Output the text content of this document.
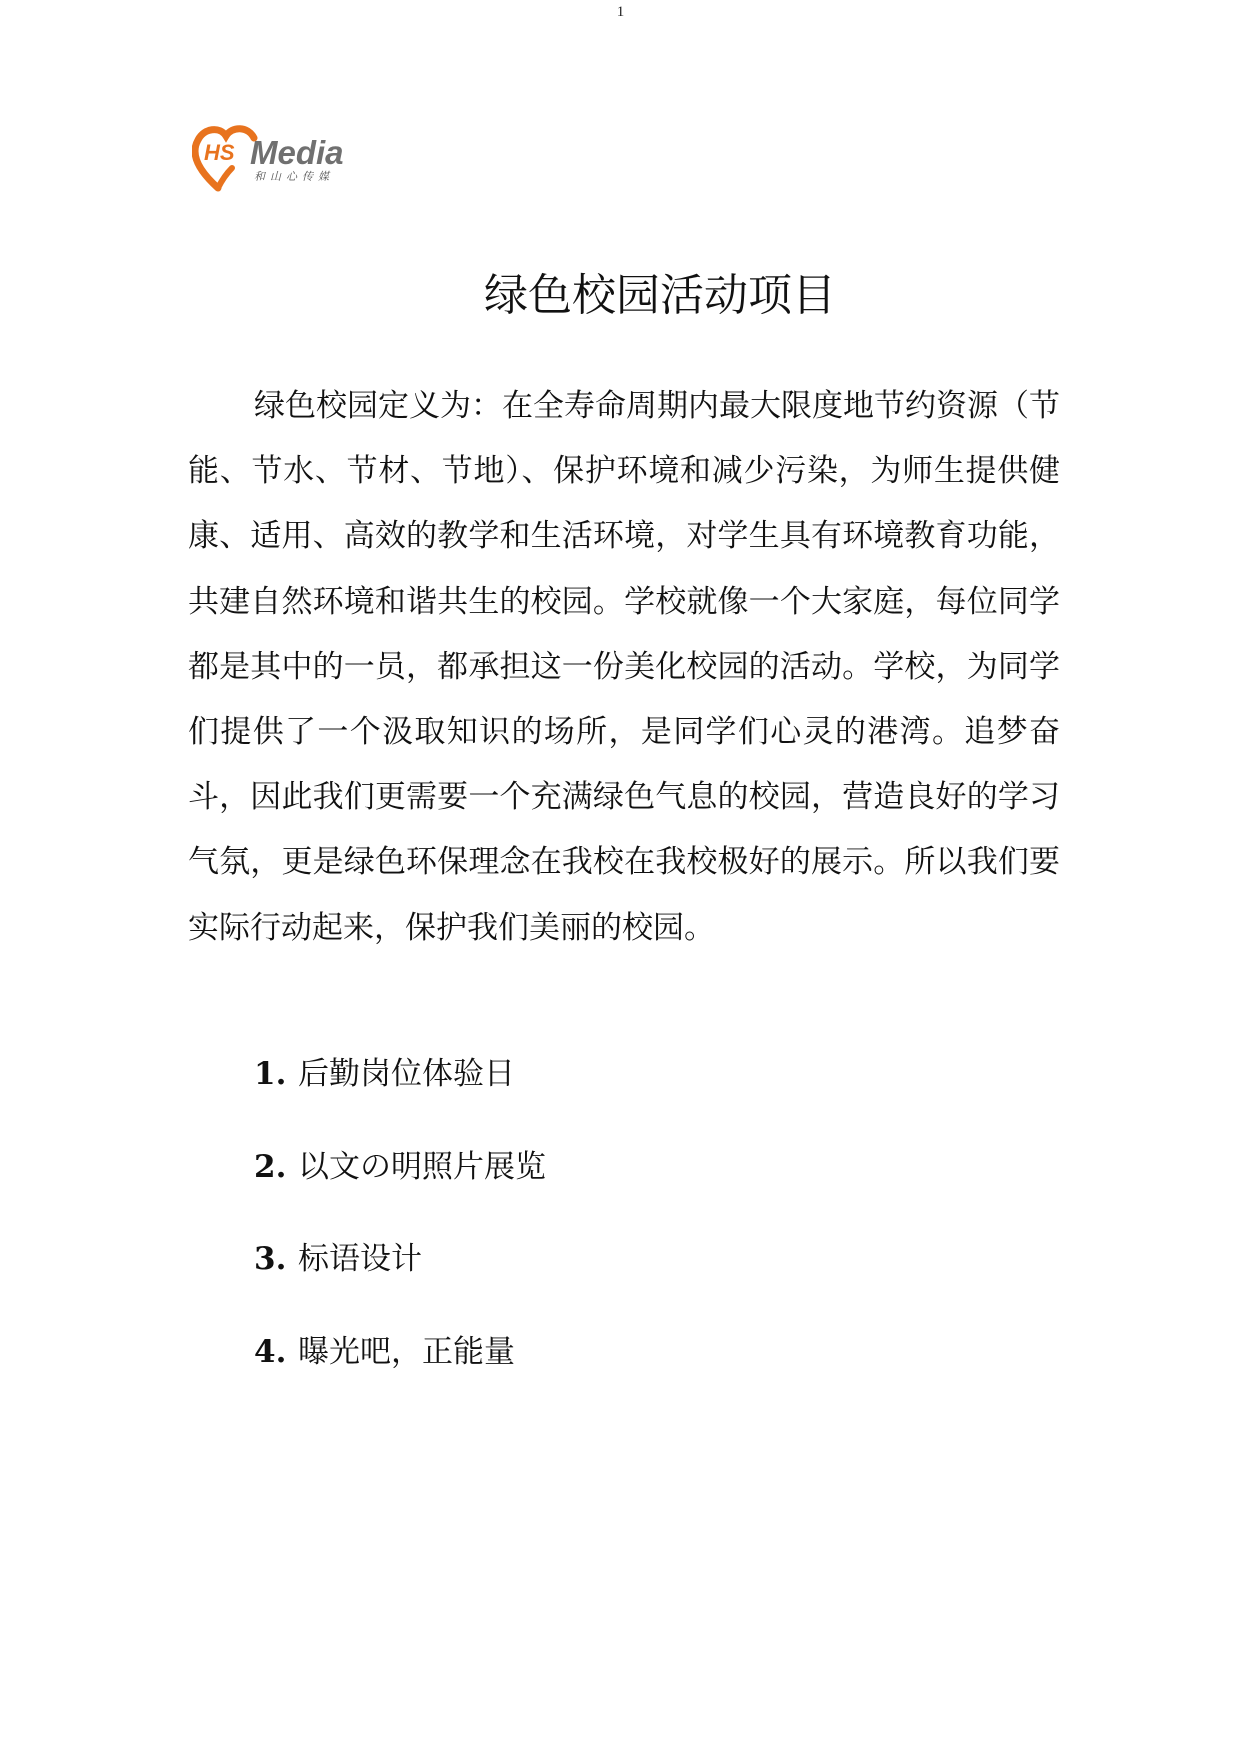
1
HS Media
和山心传媒
绿色校园活动项目

绿色校园定义为：在全寿命周期内最大限度地节约资源（节能、节水、节材、节地）、保护环境和减少污染，为师生提供健康、适用、高效的教学和生活环境，对学生具有环境教育功能，共建自然环境和谐共生的校园。学校就像一个大家庭，每位同学都是其中的一员，都承担这一份美化校园的活动。学校，为同学们提供了一个汲取知识的场所，是同学们心灵的港湾。追梦奋斗，因此我们更需要一个充满绿色气息的校园，营造良好的学习气氛，更是绿色环保理念在我校在我校极好的展示。所以我们要实际行动起来，保护我们美丽的校园。

1. 后勤岗位体验日
2. 以文の明照片展览
3. 标语设计
4. 曝光吧，正能量
